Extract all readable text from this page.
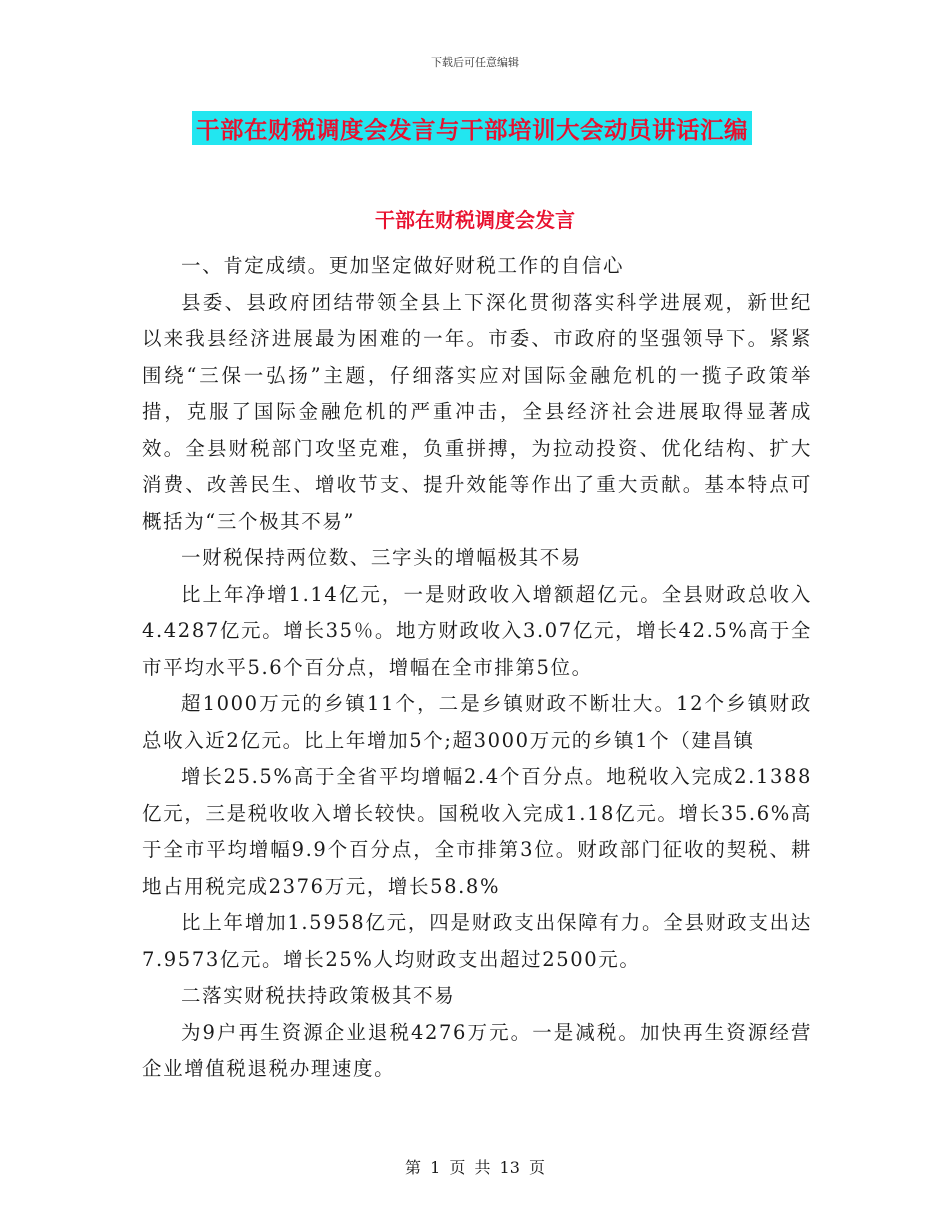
下载后可任意编辑
干部在财税调度会发言与干部培训大会动员讲话汇编
干部在财税调度会发言

一、肯定成绩。更加坚定做好财税工作的自信心

县委、县政府团结带领全县上下深化贯彻落实科学进展观，新世纪以来我县经济进展最为困难的一年。市委、市政府的坚强领导下。紧紧围绕“三保一弘扬”主题，仔细落实应对国际金融危机的一揽子政策举措，克服了国际金融危机的严重冲击，全县经济社会进展取得显著成效。全县财税部门攻坚克难，负重拼搏，为拉动投资、优化结构、扩大消费、改善民生、增收节支、提升效能等作出了重大贡献。基本特点可概括为“三个极其不易”

一财税保持两位数、三字头的增幅极其不易

比上年净增1.14亿元，一是财政收入增额超亿元。全县财政总收入4.4287亿元。增长35％。地方财政收入3.07亿元，增长42.5%高于全市平均水平5.6个百分点，增幅在全市排第5位。

超1000万元的乡镇11个，二是乡镇财政不断壮大。12个乡镇财政总收入近2亿元。比上年增加5个;超3000万元的乡镇1个（建昌镇

增长25.5%高于全省平均增幅2.4个百分点。地税收入完成2.1388亿元，三是税收收入增长较快。国税收入完成1.18亿元。增长35.6%高于全市平均增幅9.9个百分点，全市排第3位。财政部门征收的契税、耕地占用税完成2376万元，增长58.8%

比上年增加1.5958亿元，四是财政支出保障有力。全县财政支出达7.9573亿元。增长25%人均财政支出超过2500元。

二落实财税扶持政策极其不易

为9户再生资源企业退税4276万元。一是减税。加快再生资源经营企业增值税退税办理速度。

第 1 页 共 13 页
